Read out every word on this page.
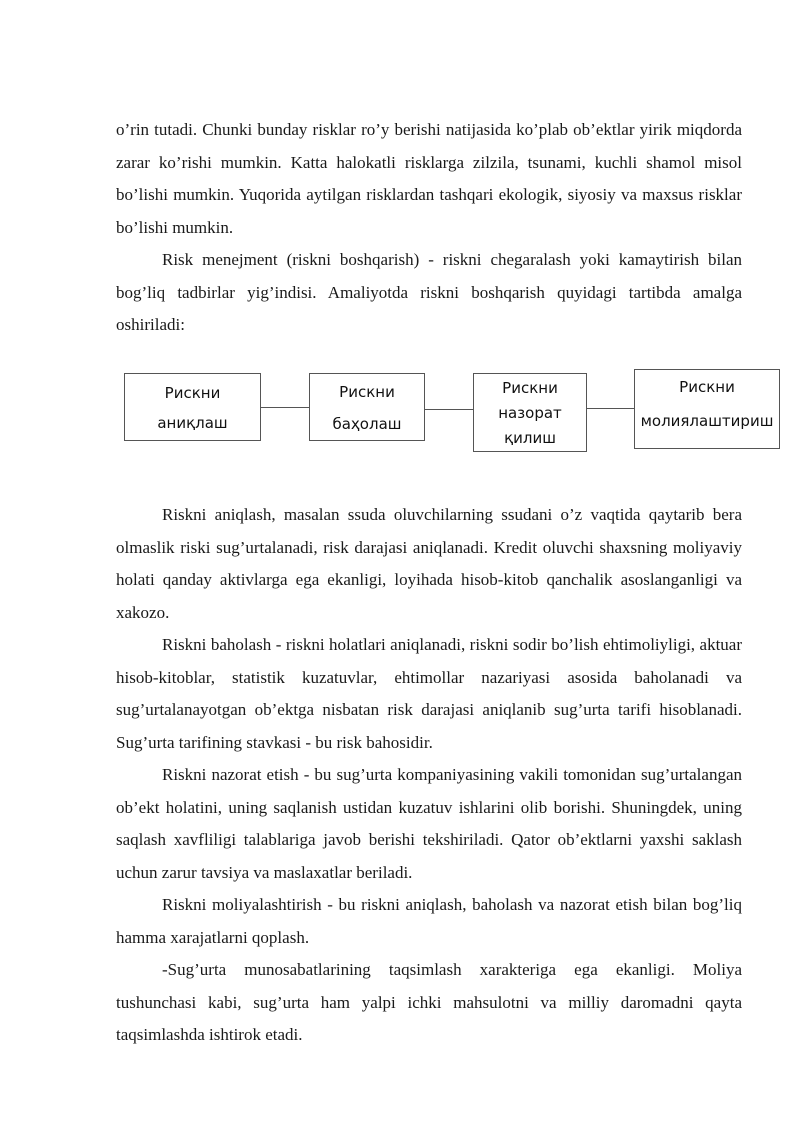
o’rin tutadi. Chunki bunday risklar ro’y berishi natijasida ko’plab ob’ektlar yirik miqdorda zarar ko’rishi mumkin. Katta halokatli risklarga zilzila, tsunami, kuchli shamol misol bo’lishi mumkin. Yuqorida aytilgan risklardan tashqari ekologik, siyosiy va maxsus risklar bo’lishi mumkin.

Risk menejment (riskni boshqarish) - riskni chegaralash yoki kamaytirish bilan bog’liq tadbirlar yig’indisi. Amaliyotda riskni boshqarish quyidagi tartibda amalga oshiriladi:

Рискни
аниқлаш
Рискни
баҳолаш
Рискни
назорат
қилиш
Рискни
молиялаштириш

Riskni aniqlash, masalan ssuda oluvchilarning ssudani o’z vaqtida qaytarib bera olmaslik riski sug’urtalanadi, risk darajasi aniqlanadi. Kredit oluvchi shaxsning moliyaviy holati qanday aktivlarga ega ekanligi, loyihada hisob-kitob qanchalik asoslanganligi va xakozo.

Riskni baholash - riskni holatlari aniqlanadi, riskni sodir bo’lish ehtimoliyligi, aktuar hisob-kitoblar, statistik kuzatuvlar, ehtimollar nazariyasi asosida baholanadi va sug’urtalanayotgan ob’ektga nisbatan risk darajasi aniqlanib sug’urta tarifi hisoblanadi. Sug’urta tarifining stavkasi - bu risk bahosidir.

Riskni nazorat etish - bu sug’urta kompaniyasining vakili tomonidan sug’urtalangan ob’ekt holatini, uning saqlanish ustidan kuzatuv ishlarini olib borishi. Shuningdek, uning saqlash xavfliligi talablariga javob berishi tekshiriladi. Qator ob’ektlarni yaxshi saklash uchun zarur tavsiya va maslaxatlar beriladi.

Riskni moliyalashtirish - bu riskni aniqlash, baholash va nazorat etish bilan bog’liq hamma xarajatlarni qoplash.

-Sug’urta munosabatlarining taqsimlash xarakteriga ega ekanligi. Moliya tushunchasi kabi, sug’urta ham yalpi ichki mahsulotni va milliy daromadni qayta taqsimlashda ishtirok etadi.
